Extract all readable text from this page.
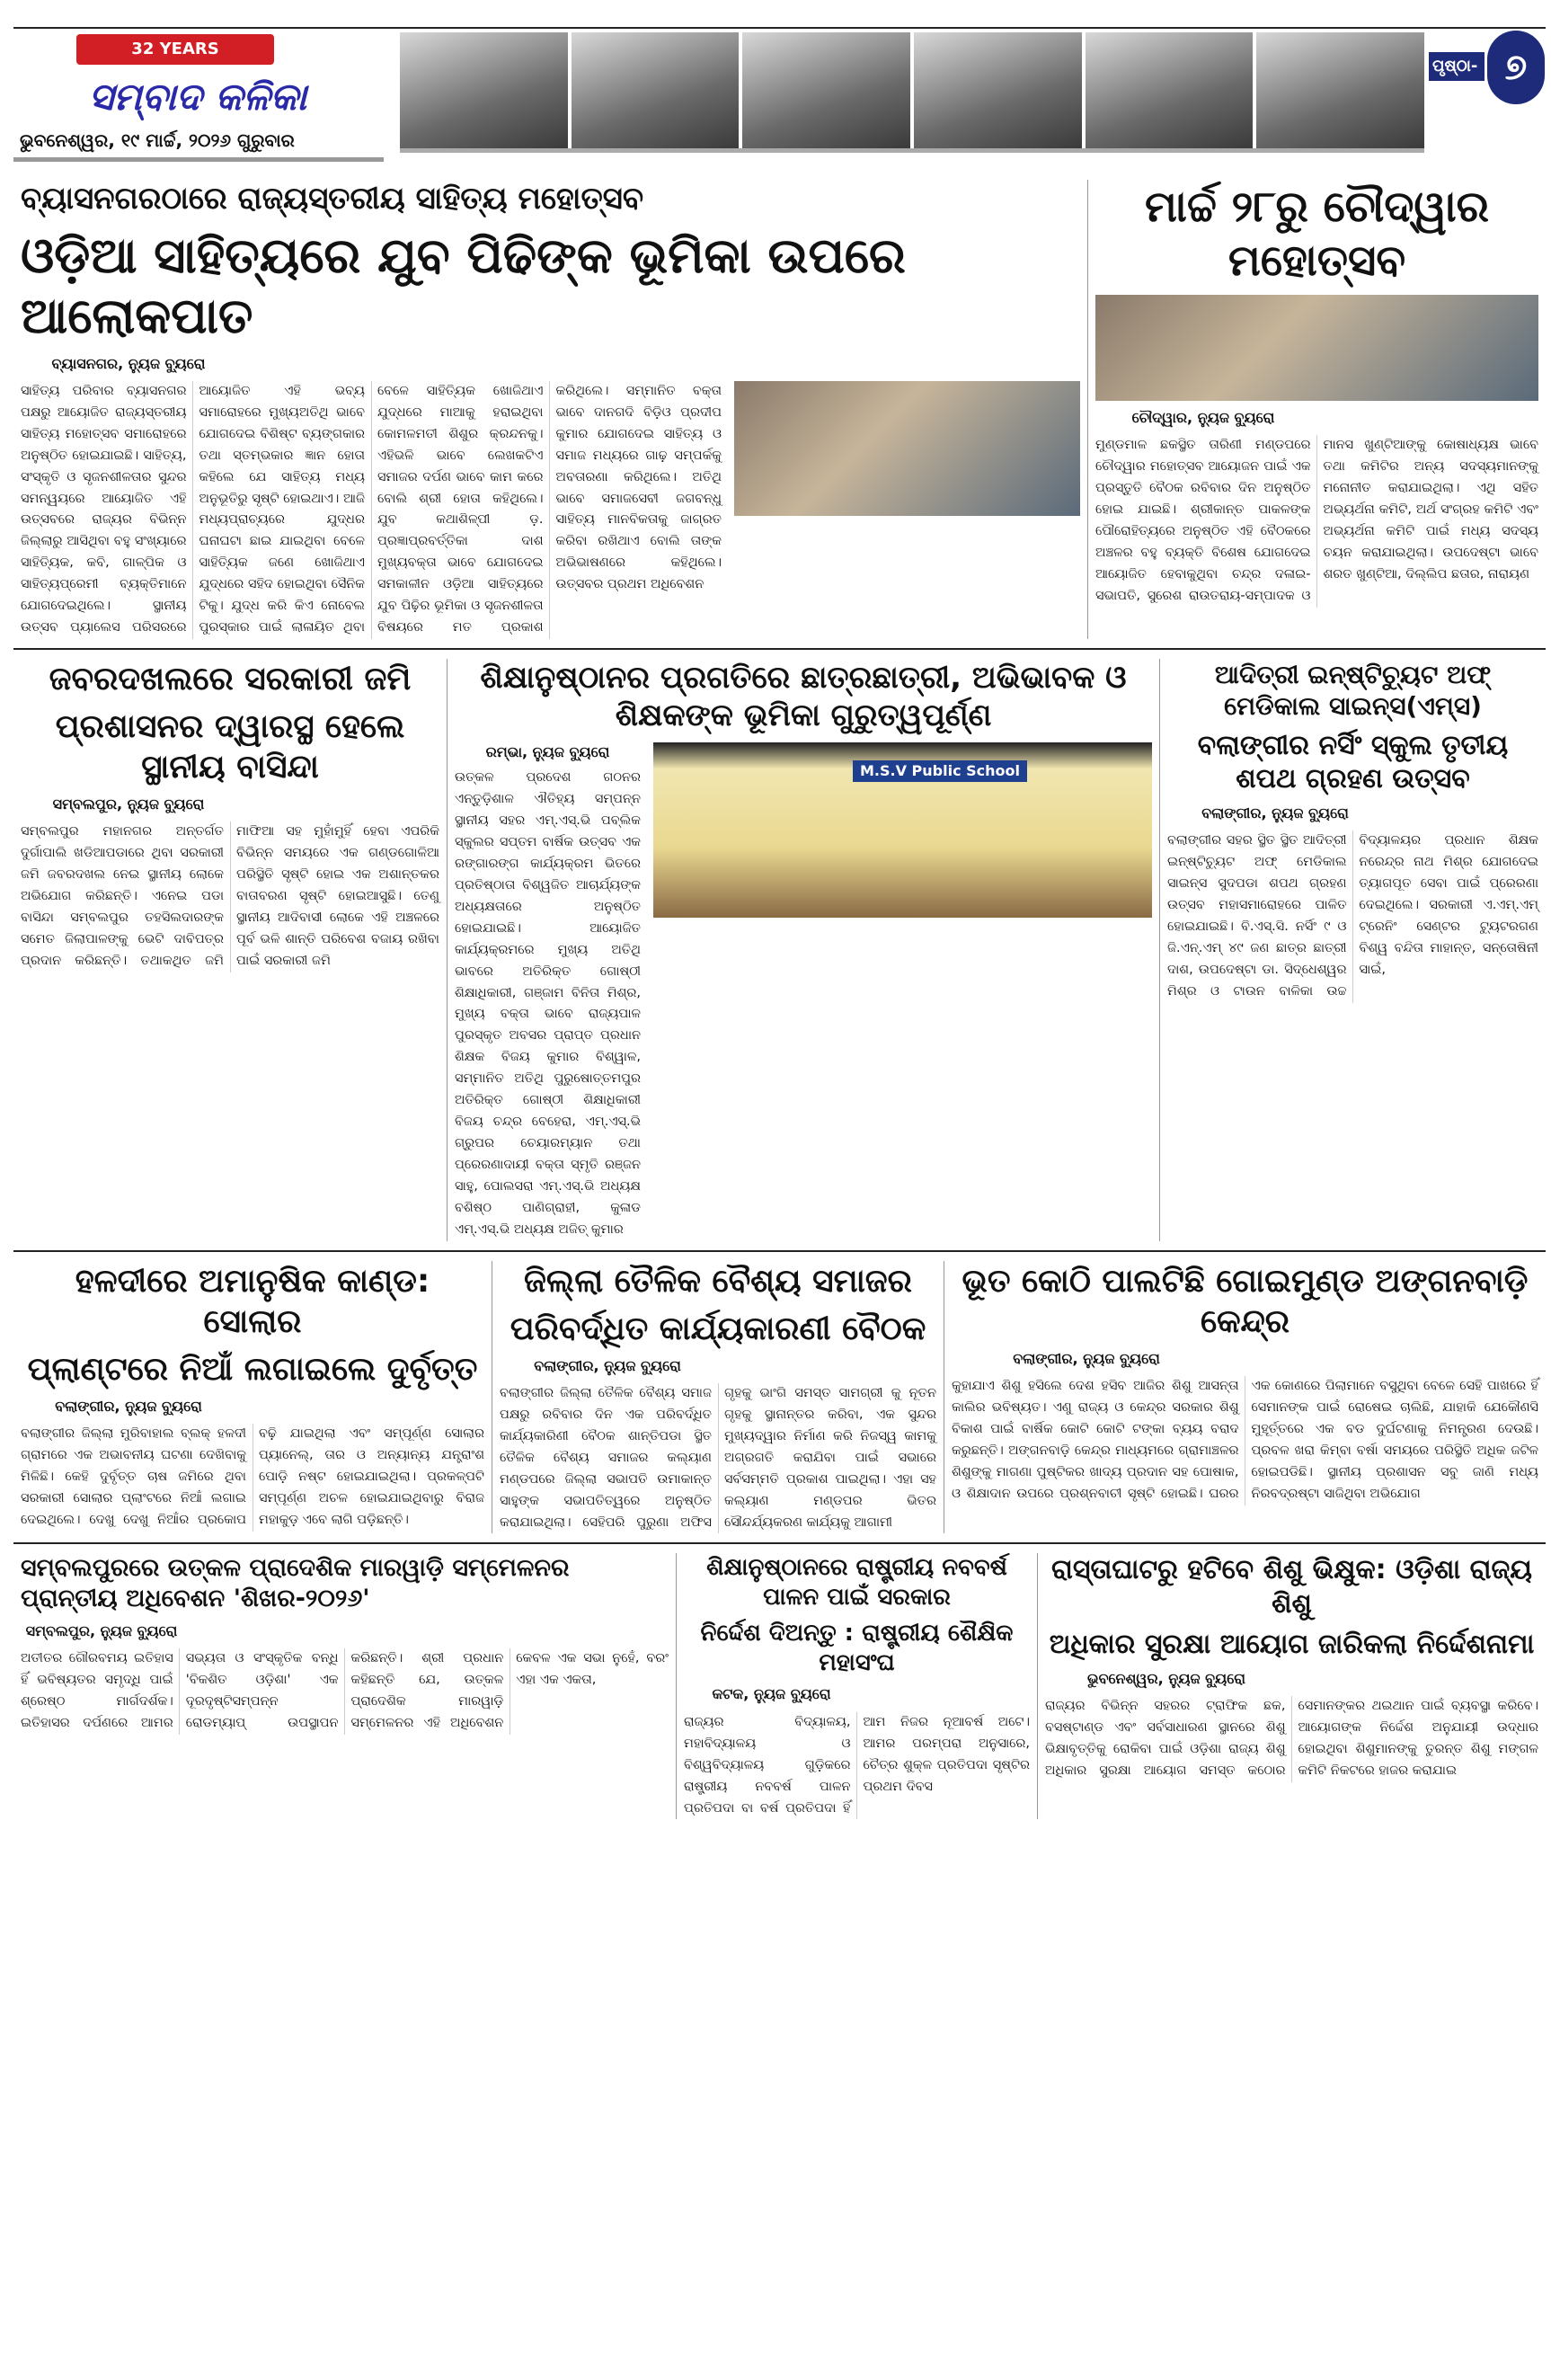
32 YEARS
ସମ୍ବାଦ କଳିକା
ଭୁବନେଶ୍ୱର, ୧୯ ମାର୍ଚ୍ଚ, ୨୦୨୬ ଗୁରୁବାର
ପୃଷ୍ଠା- ୭
ବ୍ୟାସନଗରଠାରେ ରାଜ୍ୟସ୍ତରୀୟ ସାହିତ୍ୟ ମହୋତ୍ସବ
ଓଡ଼ିଆ ସାହିତ୍ୟରେ ଯୁବ ପିଢିଙ୍କ ଭୂମିକା ଉପରେ ଆଲୋକପାତ
ବ୍ୟାସନଗର, ନ୍ୟୁଜ ବ୍ୟୁରୋ
ସାହିତ୍ୟ ପରିବାର ବ୍ୟାସନଗର ପକ୍ଷରୁ ଆୟୋଜିତ ରାଜ୍ୟସ୍ତରୀୟ ସାହିତ୍ୟ ମହୋତ୍ସବ ସମାରୋହରେ ଅନୁଷ୍ଠିତ ହୋଇଯାଇଛି। ସାହିତ୍ୟ, ସଂସ୍କୃତି ଓ ସୃଜନଶୀଳତାର ସୁନ୍ଦର ସମନ୍ୱୟରେ ଆୟୋଜିତ ଏହି ଉତ୍ସବରେ ରାଜ୍ୟର ବିଭିନ୍ନ ଜିଲ୍ଲାରୁ ଆସିଥିବା ବହୁ ସଂଖ୍ୟାରେ ସାହିତ୍ୟିକ, କବି, ଗାଳ୍ପିକ ଓ ସାହିତ୍ୟପ୍ରେମୀ ବ୍ୟକ୍ତିମାନେ ଯୋଗଦେଇଥିଲେ। ସ୍ଥାନୀୟ ଉତ୍ସବ ପ୍ୟାଲେସ ପରିସରରେ ଆୟୋଜିତ ଏହି ଭବ୍ୟ ସମାରୋହରେ ମୁଖ୍ୟଅତିଥି ଭାବେ ଯୋଗଦେଇ ବିଶିଷ୍ଟ ବ୍ୟଙ୍ଗକାର ତଥା ସ୍ତମ୍ଭକାର ଜ୍ଞାନ ହୋତା କହିଲେ ଯେ ସାହିତ୍ୟ ମଧ୍ୟ ଅନୁଭୂତିରୁ ସୃଷ୍ଟି ହୋଇଥାଏ। ଆଜି ମଧ୍ୟପ୍ରାଚ୍ୟରେ ଯୁଦ୍ଧର ଘନାଘଟା ଛାଇ ଯାଇଥିବା ବେଳେ ସାହିତ୍ୟିକ ଜଣେ ଖୋଜିଥାଏ ଯୁଦ୍ଧରେ ସହିଦ ହୋଇଥିବା ସୈନିକ ଟିକୁ। ଯୁଦ୍ଧ କରି କିଏ ନୋବେଲ ପୁରସ୍କାର ପାଇଁ ଲାଳାୟିତ ଥିବା ବେଳେ ସାହିତ୍ୟିକ ଖୋଜିଥାଏ ଯୁଦ୍ଧରେ ମାଆକୁ ହରାଇଥିବା କୋମଳମତୀ ଶିଶୁର କ୍ରନ୍ଦନକୁ। ଏହିଭଳି ଭାବେ ଲେଖକଟିଏ ସମାଜର ଦର୍ପଣ ଭାବେ କାମ କରେ ବୋଲି ଶ୍ରୀ ହୋତା କହିଥିଲେ। ଯୁବ କଥାଶିଳ୍ପୀ ଡ଼. ପ୍ରଜ୍ଞାପ୍ରବର୍ତ୍ତିକା ଦାଶ ମୁଖ୍ୟବକ୍ତା ଭାବେ ଯୋଗଦେଇ ସମକାଳୀନ ଓଡ଼ିଆ ସାହିତ୍ୟରେ ଯୁବ ପିଢ଼ିର ଭୂମିକା ଓ ସୃଜନଶୀଳତା ବିଷୟରେ ମତ ପ୍ରକାଶ କରିଥିଲେ। ସମ୍ମାନିତ ବକ୍ତା ଭାବେ ଦାନଗଦି ବିଡ଼ିଓ ପ୍ରଦୀପ କୁମାର ଯୋଗଦେଇ ସାହିତ୍ୟ ଓ ସମାଜ ମଧ୍ୟରେ ଗାଢ଼ ସମ୍ପର୍କକୁ ଅବତାରଣା କରିଥିଲେ। ଅତିଥି ଭାବେ ସମାଜସେବୀ ଜଗବନ୍ଧୁ ସାହିତ୍ୟ ମାନବିକତାକୁ ଜାଗ୍ରତ କରିବା ରଖିଥାଏ ବୋଲି ତାଙ୍କ ଅଭିଭାଷଣରେ କହିଥିଲେ। ଉତ୍ସବର ପ୍ରଥମ ଅଧିବେଶନ
ମାର୍ଚ୍ଚ ୨୮ରୁ ଚୌଦ୍ୱାର ମହୋତ୍ସବ
ଚୌଦ୍ୱାର, ନ୍ୟୁଜ ବ୍ୟୁରୋ
ମୁଣ୍ଡମାଳ ଛକସ୍ଥିତ ତାରିଣୀ ମଣ୍ଡପରେ ଚୌଦ୍ୱାର ମହୋତ୍ସବ ଆୟୋଜନ ପାଇଁ ଏକ ପ୍ରସ୍ତୁତି ବୈଠକ ରବିବାର ଦିନ ଅନୁଷ୍ଠିତ ହୋଇ ଯାଇଛି। ଶ୍ରୀକାନ୍ତ ପାକଳଙ୍କ ପୌରୋହିତ୍ୟରେ ଅନୁଷ୍ଠିତ ଏହି ବୈଠକରେ ଅଞ୍ଚଳର ବହୁ ବ୍ୟକ୍ତି ବିଶେଷ ଯୋଗଦେଇ ଆୟୋଜିତ ହେବାକୁଥିବା ଚନ୍ଦ୍ର ଦଳାଇ-ସଭାପତି, ସୁରେଶ ରାଉତରାୟ-ସମ୍ପାଦକ ଓ ମାନସ ଖୁଣ୍ଟିଆଙ୍କୁ କୋଷାଧ୍ୟକ୍ଷ ଭାବେ ତଥା କମିଟିର ଅନ୍ୟ ସଦସ୍ୟମାନଙ୍କୁ ମନୋନୀତ କରାଯାଇଥିଲା। ଏଥି ସହିତ ଅଭ୍ୟର୍ଥନା କମିଟି, ଅର୍ଥ ସଂଗ୍ରହ କମିଟି ଏବଂ ଅଭ୍ୟର୍ଥନା କମିଟି ପାଇଁ ମଧ୍ୟ ସଦସ୍ୟ ଚୟନ କରାଯାଇଥିଲା। ଉପଦେଷ୍ଟା ଭାବେ ଶରତ ଖୁଣ୍ଟିଆ, ଦିଲ୍ଲିପ ଛତାର, ନାରାୟଣ
ଜବରଦଖଲରେ ସରକାରୀ ଜମି
ପ୍ରଶାସନର ଦ୍ୱାରସ୍ଥ ହେଲେ ସ୍ଥାନୀୟ ବାସିନ୍ଦା
ସମ୍ବଲପୁର, ନ୍ୟୁଜ ବ୍ୟୁରୋ
ସମ୍ବଲପୁର ମହାନଗର ଅନ୍ତର୍ଗତ ଦୁର୍ଗାପାଲି ଖଡିଆପଡାରେ ଥିବା ସରକାରୀ ଜମି ଜବରଦଖଲ ନେଇ ସ୍ଥାନୀୟ ଲୋକେ ଅଭିଯୋଗ କରିଛନ୍ତି। ଏନେଇ ପଡା ବାସିନ୍ଦା ସମ୍ବଲପୁର ତହସିଲଦାରଙ୍କ ସମେତ ଜିଲାପାଳଙ୍କୁ ଭେଟି ଦାବିପତ୍ର ପ୍ରଦାନ କରିଛନ୍ତି। ତଥାକଥିତ ଜମି ମାଫିଆ ସହ ମୁହାଁମୁହିଁ ହେବା ଏପରିକି ବିଭିନ୍ନ ସମୟରେ ଏକ ଗଣ୍ଡଗୋଳିଆ ପରିସ୍ଥିତି ସୃଷ୍ଟି ହୋଇ ଏକ ଅଶାନ୍ତକର ବାତାବରଣ ସୃଷ୍ଟି ହୋଇଆସୁଛି। ତେଣୁ ସ୍ଥାନୀୟ ଆଦିବାସୀ ଲୋକେ ଏହି ଅଞ୍ଚଳରେ ପୂର୍ବ ଭଳି ଶାନ୍ତି ପରିବେଶ ବଜାୟ ରଖିବା ପାଇଁ ସରକାରୀ ଜମି
ଶିକ୍ଷାନୁଷ୍ଠାନର ପ୍ରଗତିରେ ଛାତ୍ରଛାତ୍ରୀ, ଅଭିଭାବକ ଓ ଶିକ୍ଷକଙ୍କ ଭୂମିକା ଗୁରୁତ୍ୱପୂର୍ଣ୍ଣ
ରମ୍ଭା, ନ୍ୟୁଜ ବ୍ୟୁରୋ
ଉତ୍କଳ ପ୍ରଦେଶ ଗଠନର ଏନ୍ତୁଡ଼ିଶାଳ ଐତିହ୍ୟ ସମ୍ପନ୍ନ ସ୍ଥାନୀୟ ସହର ଏମ୍.ଏସ୍.ଭି ପବ୍ଲିକ ସ୍କୁଲର ସପ୍ତମ ବାର୍ଷିକ ଉତ୍ସବ ଏକ ରଙ୍ଗାରଙ୍ଗ କାର୍ଯ୍ୟକ୍ରମ ଭିତରେ ପ୍ରତିଷ୍ଠାତା ବିଶ୍ୱଜିତ ଆଚାର୍ଯ୍ୟଙ୍କ ଅଧ୍ୟକ୍ଷତାରେ ଅନୁଷ୍ଠିତ ହୋଇଯାଇଛି। ଆୟୋଜିତ କାର୍ଯ୍ୟକ୍ରମରେ ମୁଖ୍ୟ ଅତିଥି ଭାବରେ ଅତିରିକ୍ତ ଗୋଷ୍ଠୀ ଶିକ୍ଷାଧିକାରୀ, ଗଞ୍ଜାମ ବିନିତା ମିଶ୍ର, ମୁଖ୍ୟ ବକ୍ତା ଭାବେ ରାଜ୍ୟପାଳ ପୁରସ୍କୃତ ଅବସର ପ୍ରାପ୍ତ ପ୍ରଧାନ ଶିକ୍ଷକ ବିଜୟ କୁମାର ବିଶ୍ୱାଳ, ସମ୍ମାନିତ ଅତିଥି ପୁରୁଷୋତ୍ତମପୁର ଅତିରିକ୍ତ ଗୋଷ୍ଠୀ ଶିକ୍ଷାଧିକାରୀ ବିଜୟ ଚନ୍ଦ୍ର ବେହେରା, ଏମ୍.ଏସ୍.ଭି ଗ୍ରୁପର ଚେୟାରମ୍ୟାନ ତଥା ପ୍ରେରଣାଦାୟୀ ବକ୍ତା ସ୍ମୃତି ରଞ୍ଜନ ସାହୁ, ପୋଲସରା ଏମ୍.ଏସ୍.ଭି ଅଧ୍ୟକ୍ଷ ବଶିଷ୍ଠ ପାଣିଗ୍ରାହୀ, କୁଳାଡ ଏମ୍.ଏସ୍.ଭି ଅଧ୍ୟକ୍ଷ ଅଜିତ୍ କୁମାର
M.S.V Public School
ଆଦିତ୍ରୀ ଇନ୍‌ଷ୍ଟିଚ୍ୟୁଟ ଅଫ୍ ମେଡିକାଲ ସାଇନ୍ସ(ଏମ୍ସ)
ବଲାଙ୍ଗୀର ନର୍ସିଂ ସ୍କୁଲ ତୃତୀୟ ଶପଥ ଗ୍ରହଣ ଉତ୍ସବ
ବଲାଙ୍ଗୀର, ନ୍ୟୁଜ ବ୍ୟୁରୋ
ବଲାଙ୍ଗୀର ସହର ସ୍ଥିତ ସ୍ଥିତ ଆଦିତ୍ରୀ ଇନ୍‌ଷ୍ଟିଚ୍ୟୁଟ ଅଫ୍ ମେଡିକାଲ ସାଇନ୍ସ ସୁଦପଡା ଶପଥ ଗ୍ରହଣ ଉତ୍ସବ ମହାସମାରୋହରେ ପାଳିତ ହୋଇଯାଇଛି। ବି.ଏସ୍.ସି. ନର୍ସିଂ ୯ ଓ ଜି.ଏନ୍.ଏମ୍ ୪୯ ଜଣ ଛାତ୍ର ଛାତ୍ରୀ ଦାଶ, ଉପଦେଷ୍ଟା ଡା. ସିଦ୍ଧେଶ୍ୱର ମିଶ୍ର ଓ ଟାଉନ ବାଳିକା ଉଚ୍ଚ ବିଦ୍ୟାଳୟର ପ୍ରଧାନ ଶିକ୍ଷକ ନରେନ୍ଦ୍ର ନାଥ ମିଶ୍ର ଯୋଗଦେଇ ତ୍ୟାଗପୂତ ସେବା ପାଇଁ ପ୍ରେରଣା ଦେଇଥିଲେ। ସରକାରୀ ଏ.ଏମ୍.ଏମ୍ ଟ୍ରେନିଂ ସେଣ୍ଟର ଟ୍ୟୁଟରଗଣ ବିଶ୍ୱ ବନ୍ଦିତା ମାହାନ୍ତ, ସନ୍ତୋଷିନୀ ସାଇଁ,
ହଳଦୀରେ ଅମାନୁଷିକ କାଣ୍ଡ: ସୋଲାର
ପ୍ଲାଣ୍ଟରେ ନିଆଁ ଲଗାଇଲେ ଦୁର୍ବୃତ୍ତ
ବଲାଙ୍ଗୀର, ନ୍ୟୁଜ ବ୍ୟୁରୋ
ବଲାଙ୍ଗୀର ଜିଲ୍ଲା ମୁରିବାହାଲ ବ୍ଲକ୍ ହଳଦୀ ଗ୍ରାମରେ ଏକ ଅଭାବନୀୟ ଘଟଣା ଦେଖିବାକୁ ମିଳିଛି। କେହି ଦୁର୍ବୃତ୍ତ ଚାଷ ଜମିରେ ଥିବା ସରକାରୀ ସୋଲାର ପ୍ଲାଂଟରେ ନିଆଁ ଲଗାଇ ଦେଇଥିଲେ। ଦେଖୁ ଦେଖୁ ନିଆଁର ପ୍ରକୋପ ବଢ଼ି ଯାଇଥିଲା ଏବଂ ସମ୍ପୂର୍ଣ୍ଣ ସୋଲାର ପ୍ୟାନେଲ୍, ତାର ଓ ଅନ୍ୟାନ୍ୟ ଯନ୍ତ୍ରାଂଶ ପୋଡ଼ି ନଷ୍ଟ ହୋଇଯାଇଥିଲା। ପ୍ରକଳ୍ପଟି ସମ୍ପୂର୍ଣ୍ଣ ଅଚଳ ହୋଇଯାଇଥିବାରୁ ବିରାଜ ମହାକୁଡ଼ ଏବେ ଲାଗି ପଡ଼ିଛନ୍ତି।
ଜିଲ୍ଲା ତୈଳିକ ବୈଶ୍ୟ ସମାଜର
ପରିବର୍ଦ୍ଧିତ କାର୍ଯ୍ୟକାରଣୀ ବୈଠକ
ବଲାଙ୍ଗୀର, ନ୍ୟୁଜ ବ୍ୟୁରୋ
ବଲାଙ୍ଗୀର ଜିଲ୍ଲା ତୈଳିକ ବୈଶ୍ୟ ସମାଜ ପକ୍ଷରୁ ରବିବାର ଦିନ ଏକ ପରିବର୍ଦ୍ଧିତ କାର୍ଯ୍ୟକାରିଣୀ ବୈଠକ ଶାନ୍ତିପଡା ସ୍ଥିତ ତୈଳିକ ବୈଶ୍ୟ ସମାଜର କଲ୍ୟାଣ ମଣ୍ଡପରେ ଜିଲ୍ଲା ସଭାପତି ଉମାକାନ୍ତ ସାହୁଙ୍କ ସଭାପତିତ୍ୱରେ ଅନୁଷ୍ଠିତ କରାଯାଇଥିଲା। ସେହିପରି ପୁରୁଣା ଅଫିସ ଗୃହକୁ ଭାଂଗି ସମସ୍ତ ସାମଗ୍ରୀ କୁ ନୂତନ ଗୃହକୁ ସ୍ଥାନାନ୍ତର କରିବା, ଏକ ସୁନ୍ଦର ମୁଖ୍ୟଦ୍ୱାର ନିର୍ମାଣ କରି ନିଜସ୍ୱ କାମକୁ ଅଗ୍ରଗତି କରାଯିବା ପାଇଁ ସଭାରେ ସର୍ବସମ୍ମତି ପ୍ରକାଶ ପାଇଥିଲା। ଏହା ସହ କଲ୍ୟାଣ ମଣ୍ଡପର ଭିତର ସୌନ୍ଦର୍ଯ୍ୟକରଣ କାର୍ଯ୍ୟକୁ ଆଗାମୀ
ଭୂତ କୋଠି ପାଲଟିଛି ଗୋଇମୁଣ୍ଡ ଅଙ୍ଗନବାଡ଼ି କେନ୍ଦ୍ର
ବଲାଙ୍ଗୀର, ନ୍ୟୁଜ ବ୍ୟୁରୋ
କୁହାଯାଏ ଶିଶୁ ହସିଲେ ଦେଶ ହସିବ ଆଜିର ଶିଶୁ ଆସନ୍ତା କାଲିର ଭବିଷ୍ୟତ। ଏଣୁ ରାଜ୍ୟ ଓ କେନ୍ଦ୍ର ସରକାର ଶିଶୁ ବିକାଶ ପାଇଁ ବାର୍ଷିକ କୋଟି କୋଟି ଟଙ୍କା ବ୍ୟୟ ବରାଦ କରୁଛନ୍ତି। ଅଙ୍ଗନବାଡ଼ି କେନ୍ଦ୍ର ମାଧ୍ୟମରେ ଗ୍ରାମାଞ୍ଚଳର ଶିଶୁଙ୍କୁ ମାଗଣା ପୁଷ୍ଟିକର ଖାଦ୍ୟ ପ୍ରଦାନ ସହ ପୋଷାକ, ଓ ଶିକ୍ଷାଦାନ ଉପରେ ପ୍ରଶ୍ନବାଚୀ ସୃଷ୍ଟି ହୋଇଛି। ଘରର ଏକ କୋଣରେ ପିଲାମାନେ ବସୁଥିବା ବେଳେ ସେହି ପାଖରେ ହିଁ ସେମାନଙ୍କ ପାଇଁ ରୋଷେଇ ଚାଲିଛି, ଯାହାକି ଯେକୌଣସି ମୁହୂର୍ତ୍ତରେ ଏକ ବଡ ଦୁର୍ଘଟଣାକୁ ନିମନ୍ତ୍ରଣ ଦେଉଛି। ପ୍ରବଳ ଖରା କିମ୍ବା ବର୍ଷା ସମୟରେ ପରିସ୍ଥିତି ଅଧିକ ଜଟିଳ ହୋଇପଡିଛି। ସ୍ଥାନୀୟ ପ୍ରଶାସନ ସବୁ ଜାଣି ମଧ୍ୟ ନିରବଦ୍ରଷ୍ଟା ସାଜିଥିବା ଅଭିଯୋଗ
ସମ୍ବଲପୁରରେ ଉତ୍କଳ ପ୍ରାଦେଶିକ ମାରୱାଡ଼ି ସମ୍ମେଳନର ପ୍ରାନ୍ତୀୟ ଅଧିବେଶନ 'ଶିଖର-୨୦୨୬'
ସମ୍ବଲପୁର, ନ୍ୟୁଜ ବ୍ୟୁରୋ
ଅତୀତର ଗୌରବମୟ ଇତିହାସ ହିଁ ଭବିଷ୍ୟତର ସମୃଦ୍ଧି ପାଇଁ ଶ୍ରେଷ୍ଠ ମାର୍ଗଦର୍ଶକ। ଇତିହାସର ଦର୍ପଣରେ ଆମର ସଭ୍ୟତା ଓ ସଂସ୍କୃତିକ ବନ୍ଧି 'ବିକଶିତ ଓଡ଼ିଶା' ଏକ ଦୂରଦୃଷ୍ଟିସମ୍ପନ୍ନ ରୋଡମ୍ୟାପ୍ ଉପସ୍ଥାପନ କରିଛନ୍ତି। ଶ୍ରୀ ପ୍ରଧାନ କହିଛନ୍ତି ଯେ, ଉତ୍କଳ ପ୍ରାଦେଶିକ ମାରୱାଡ଼ି ସମ୍ମେଳନର ଏହି ଅଧିବେଶନ କେବଳ ଏକ ସଭା ନୁହେଁ, ବରଂ ଏହା ଏକ ଏକତା,
ଶିକ୍ଷାନୁଷ୍ଠାନରେ ରାଷ୍ଟ୍ରୀୟ ନବବର୍ଷ ପାଳନ ପାଇଁ ସରକାର
ନିର୍ଦ୍ଦେଶ ଦିଅନ୍ତୁ : ରାଷ୍ଟ୍ରୀୟ ଶୈକ୍ଷିକ ମହାସଂଘ
କଟକ, ନ୍ୟୁଜ ବ୍ୟୁରୋ
ରାଜ୍ୟର ବିଦ୍ୟାଳୟ, ମହାବିଦ୍ୟାଳୟ ଓ ବିଶ୍ୱବିଦ୍ୟାଳୟ ଗୁଡ଼ିକରେ ରାଷ୍ଟ୍ରୀୟ ନବବର୍ଷ ପାଳନ ପ୍ରତିପଦା ବା ବର୍ଷ ପ୍ରତିପଦା ହିଁ ଆମ ନିଜର ନୂଆବର୍ଷ ଅଟେ। ଆମର ପରମ୍ପରା ଅନୁସାରେ, ଚୈତ୍ର ଶୁକ୍ଳ ପ୍ରତିପଦା ସୃଷ୍ଟିର ପ୍ରଥମ ଦିବସ
ରାସ୍ତାଘାଟରୁ ହଟିବେ ଶିଶୁ ଭିକ୍ଷୁକ: ଓଡ଼ିଶା ରାଜ୍ୟ ଶିଶୁ
ଅଧିକାର ସୁରକ୍ଷା ଆୟୋଗ ଜାରିକଲା ନିର୍ଦ୍ଦେଶନାମା
ଭୁବନେଶ୍ୱର, ନ୍ୟୁଜ ବ୍ୟୁରୋ
ରାଜ୍ୟର ବିଭିନ୍ନ ସହରର ଟ୍ରାଫିକ ଛକ, ବସଷ୍ଟାଣ୍ଡ ଏବଂ ସର୍ବସାଧାରଣ ସ୍ଥାନରେ ଶିଶୁ ଭିକ୍ଷାବୃତ୍ତିକୁ ରୋକିବା ପାଇଁ ଓଡ଼ିଶା ରାଜ୍ୟ ଶିଶୁ ଅଧିକାର ସୁରକ୍ଷା ଆୟୋଗ ସମସ୍ତ କଠୋର ସେମାନଙ୍କର ଥଇଥାନ ପାଇଁ ବ୍ୟବସ୍ଥା କରିବେ। ଆୟୋଗଙ୍କ ନିର୍ଦ୍ଦେଶ ଅନୁଯାୟୀ ଉଦ୍ଧାର ହୋଇଥିବା ଶିଶୁମାନଙ୍କୁ ତୁରନ୍ତ ଶିଶୁ ମଙ୍ଗଳ କମିଟି ନିକଟରେ ହାଜର କରାଯାଇ
